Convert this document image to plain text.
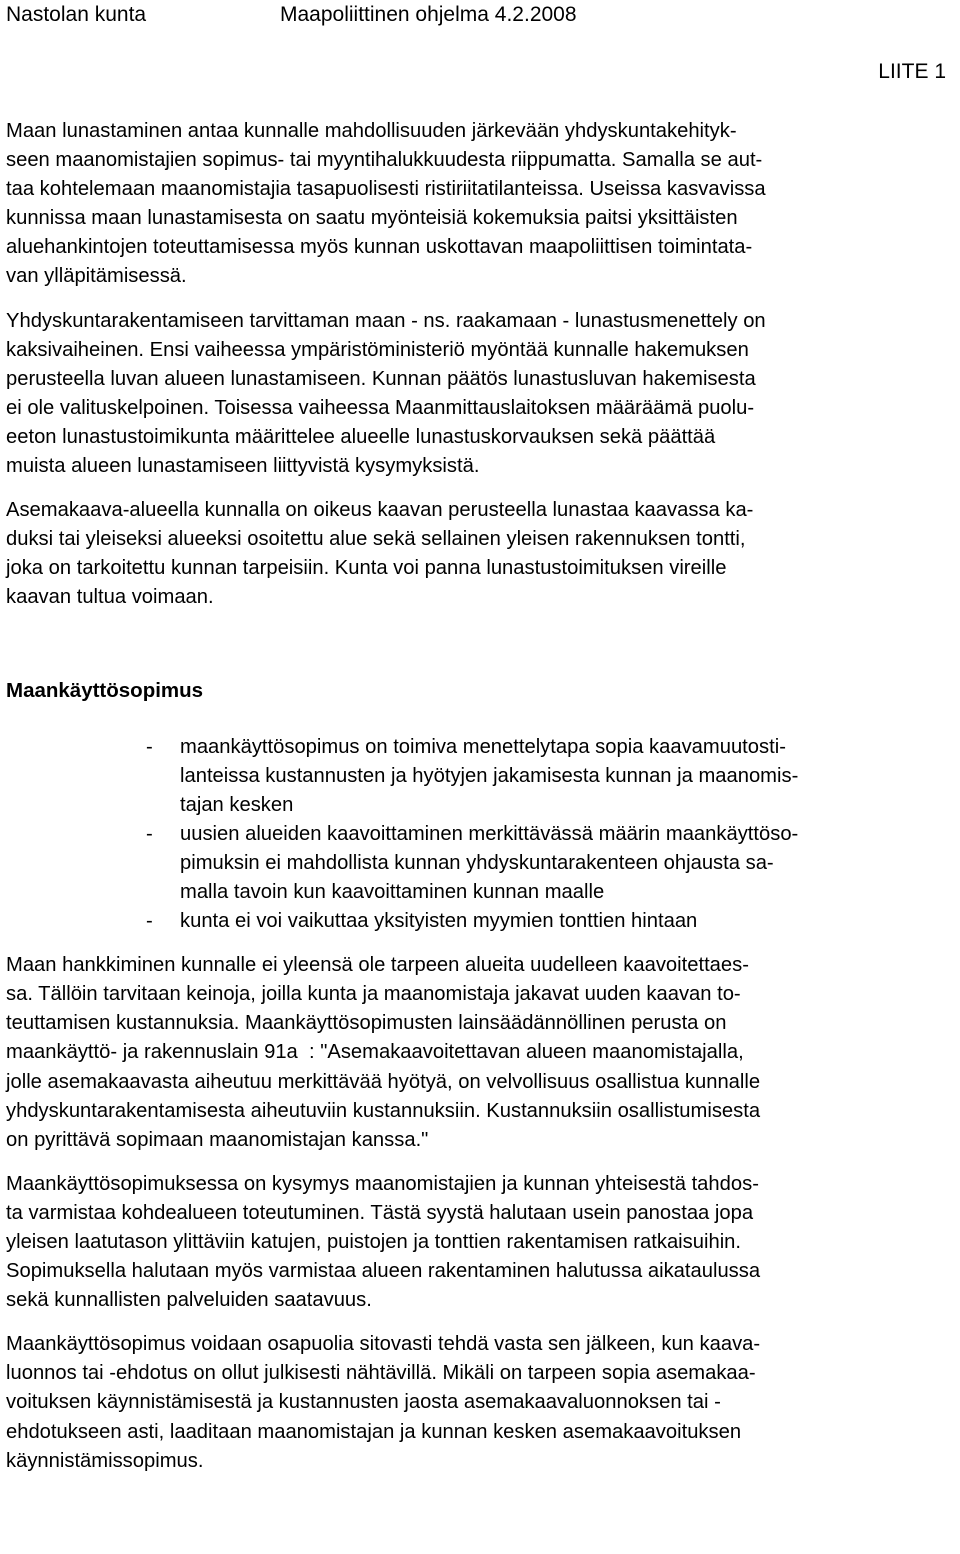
Nastolan kunta	Maapoliittinen ohjelma 4.2.2008
LIITE 1
Maan lunastaminen antaa kunnalle mahdollisuuden järkevään yhdyskuntakehityk-
seen maanomistajien sopimus- tai myyntihalukkuudesta riippumatta. Samalla se aut-
taa kohtelemaan maanomistajia tasapuolisesti ristiriitatilanteissa. Useissa kasvavissa
kunnissa maan lunastamisesta on saatu myönteisiä kokemuksia paitsi yksittäisten
aluehankintojen toteuttamisessa myös kunnan uskottavan maapoliittisen toimintata-
van ylläpitämisessä.
Yhdyskuntarakentamiseen tarvittaman maan - ns. raakamaan - lunastusmenettely on
kaksivaiheinen. Ensi vaiheessa ympäristöministeriö myöntää kunnalle hakemuksen
perusteella luvan alueen lunastamiseen. Kunnan päätös lunastusluvan hakemisesta
ei ole valituskelpoinen. Toisessa vaiheessa Maanmittauslaitoksen määräämä puolu-
eeton lunastustoimikunta määrittelee alueelle lunastuskorvauksen sekä päättää
muista alueen lunastamiseen liittyvistä kysymyksistä.
Asemakaava-alueella kunnalla on oikeus kaavan perusteella lunastaa kaavassa ka-
duksi tai yleiseksi alueeksi osoitettu alue sekä sellainen yleisen rakennuksen tontti,
joka on tarkoitettu kunnan tarpeisiin. Kunta voi panna lunastustoimituksen vireille
kaavan tultua voimaan.
Maankäyttösopimus
- maankäyttösopimus on toimiva menettelytapa sopia kaavamuutosti-
lanteissa kustannusten ja hyötyjen jakamisesta kunnan ja maanomis-
tajan kesken
- uusien alueiden kaavoittaminen merkittävässä määrin maankäyttöso-
pimuksin ei mahdollista kunnan yhdyskuntarakenteen ohjausta sa-
malla tavoin kun kaavoittaminen kunnan maalle
- kunta ei voi vaikuttaa yksityisten myymien tonttien hintaan
Maan hankkiminen kunnalle ei yleensä ole tarpeen alueita uudelleen kaavoitettaes-
sa. Tällöin tarvitaan keinoja, joilla kunta ja maanomistaja jakavat uuden kaavan to-
teuttamisen kustannuksia. Maankäyttösopimusten lainsäädännöllinen perusta on
maankäyttö- ja rakennuslain 91a  : "Asemakaavoitettavan alueen maanomistajalla,
jolle asemakaavasta aiheutuu merkittävää hyötyä, on velvollisuus osallistua kunnalle
yhdyskuntarakentamisesta aiheutuviin kustannuksiin. Kustannuksiin osallistumisesta
on pyrittävä sopimaan maanomistajan kanssa."
Maankäyttösopimuksessa on kysymys maanomistajien ja kunnan yhteisestä tahdos-
ta varmistaa kohdealueen toteutuminen. Tästä syystä halutaan usein panostaa jopa
yleisen laatutason ylittäviin katujen, puistojen ja tonttien rakentamisen ratkaisuihin.
Sopimuksella halutaan myös varmistaa alueen rakentaminen halutussa aikataulussa
sekä kunnallisten palveluiden saatavuus.
Maankäyttösopimus voidaan osapuolia sitovasti tehdä vasta sen jälkeen, kun kaava-
luonnos tai -ehdotus on ollut julkisesti nähtävillä. Mikäli on tarpeen sopia asemakaa-
voituksen käynnistämisestä ja kustannusten jaosta asemakaavaluonnoksen tai -
ehdotukseen asti, laaditaan maanomistajan ja kunnan kesken asemakaavoituksen
käynnistämissopimus.
